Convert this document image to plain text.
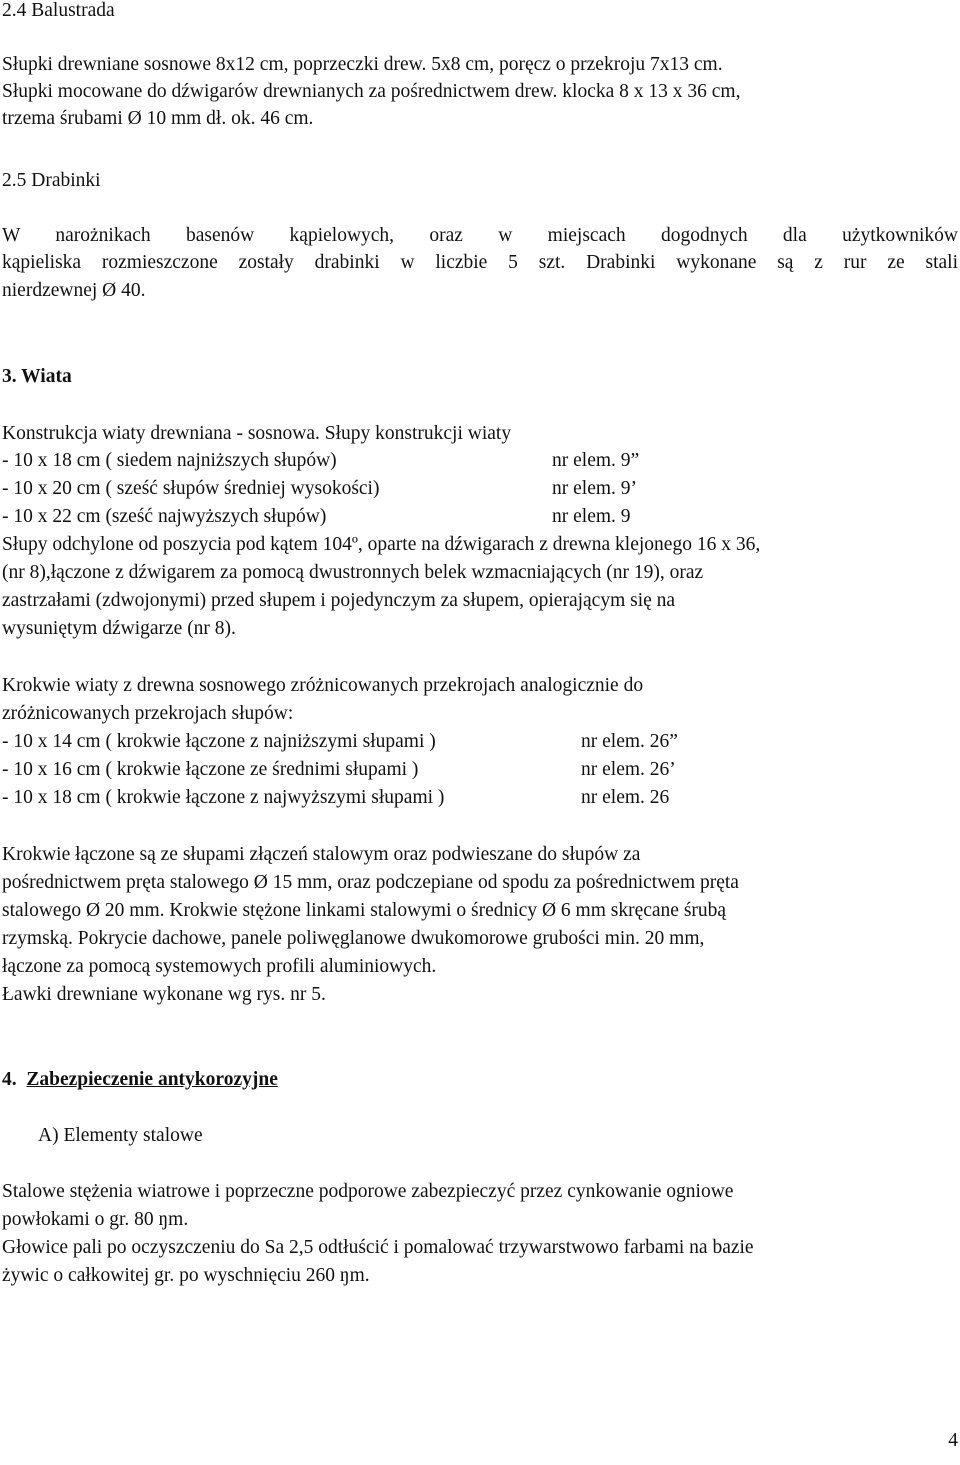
2.4 Balustrada
Słupki drewniane sosnowe 8x12 cm, poprzeczki drew. 5x8 cm, poręcz o przekroju 7x13 cm.
Słupki mocowane do dźwigarów drewnianych za pośrednictwem drew. klocka 8 x 13 x 36 cm,
trzema śrubami Ø 10 mm dł. ok. 46 cm.
2.5 Drabinki
W narożnikach basenów kąpielowych, oraz w miejscach dogodnych dla użytkowników
kąpieliska rozmieszczone zostały drabinki w liczbie 5 szt. Drabinki wykonane są z rur ze stali
nierdzewnej Ø 40.
3. Wiata
Konstrukcja wiaty drewniana - sosnowa. Słupy konstrukcji wiaty
- 10 x 18 cm ( siedem najniższych słupów)	nr elem. 9”
- 10 x 20 cm ( sześć słupów średniej wysokości)	nr elem. 9’
- 10 x 22 cm (sześć najwyższych słupów)	nr elem. 9
Słupy odchylone od poszycia pod kątem 104º, oparte na dźwigarach z drewna klejonego 16 x 36,
(nr 8),łączone z dźwigarem za pomocą dwustronnych belek wzmacniających (nr 19), oraz
zastrzałami (zdwojonymi) przed słupem i pojedynczym za słupem, opierającym się na
wysuniętym dźwigarze (nr 8).
Krokwie wiaty z drewna sosnowego zróżnicowanych przekrojach analogicznie do
zróżnicowanych przekrojach słupów:
- 10 x 14 cm ( krokwie łączone z najniższymi słupami )	nr elem. 26”
- 10 x 16 cm ( krokwie łączone ze średnimi słupami )	nr elem. 26’
- 10 x 18 cm ( krokwie łączone z najwyższymi słupami )	nr elem. 26
Krokwie łączone są ze słupami złączeń stalowym oraz podwieszane do słupów za
pośrednictwem pręta stalowego Ø 15 mm, oraz podczepiane od spodu za pośrednictwem pręta
stalowego Ø 20 mm. Krokwie stężone linkami stalowymi o średnicy Ø 6 mm skręcane śrubą
rzymską. Pokrycie dachowe, panele poliwęglanowe dwukomorowe grubości min. 20 mm,
łączone za pomocą systemowych profili aluminiowych.
Ławki drewniane wykonane wg rys. nr 5.
4. Zabezpieczenie antykorozyjne
A) Elementy stalowe
Stalowe stężenia wiatrowe i poprzeczne podporowe zabezpieczyć przez cynkowanie ogniowe
powłokami o gr. 80 ŋm.
Głowice pali po oczyszczeniu do Sa 2,5 odtłuścić i pomalować trzywarstwowo farbami na bazie
żywic o całkowitej gr. po wyschnięciu 260 ŋm.
4
